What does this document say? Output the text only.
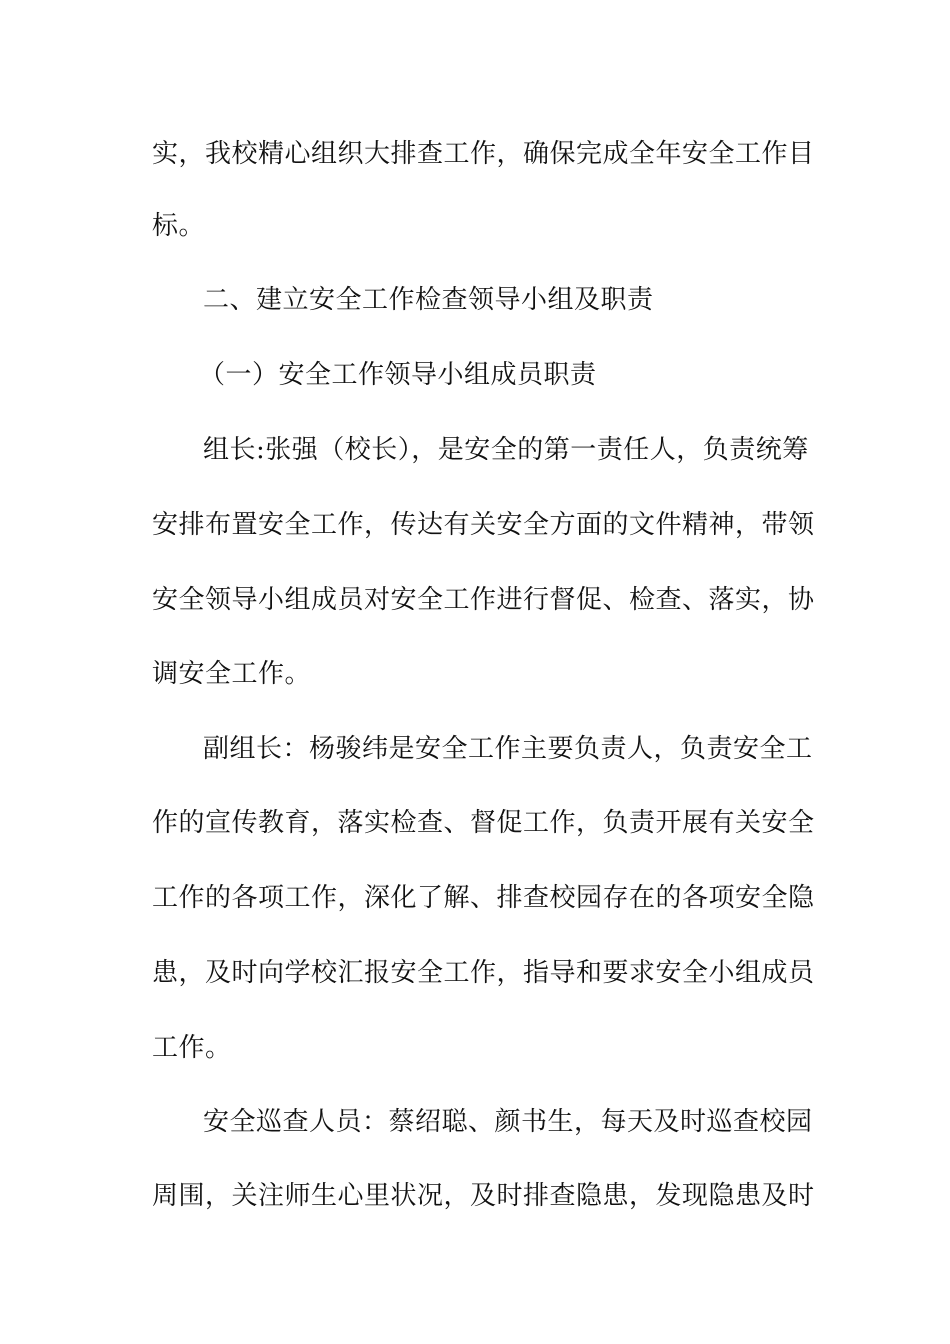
实，我校精心组织大排查工作，确保完成全年安全工作目

标。

二、建立安全工作检查领导小组及职责

（一）安全工作领导小组成员职责

组长:张强（校长），是安全的第一责任人，负责统筹

安排布置安全工作，传达有关安全方面的文件精神，带领

安全领导小组成员对安全工作进行督促、检查、落实，协

调安全工作。

副组长：杨骏纬是安全工作主要负责人，负责安全工

作的宣传教育，落实检查、督促工作，负责开展有关安全

工作的各项工作，深化了解、排查校园存在的各项安全隐

患，及时向学校汇报安全工作，指导和要求安全小组成员

工作。

安全巡查人员：蔡绍聪、颜书生，每天及时巡查校园

周围，关注师生心里状况，及时排查隐患，发现隐患及时
